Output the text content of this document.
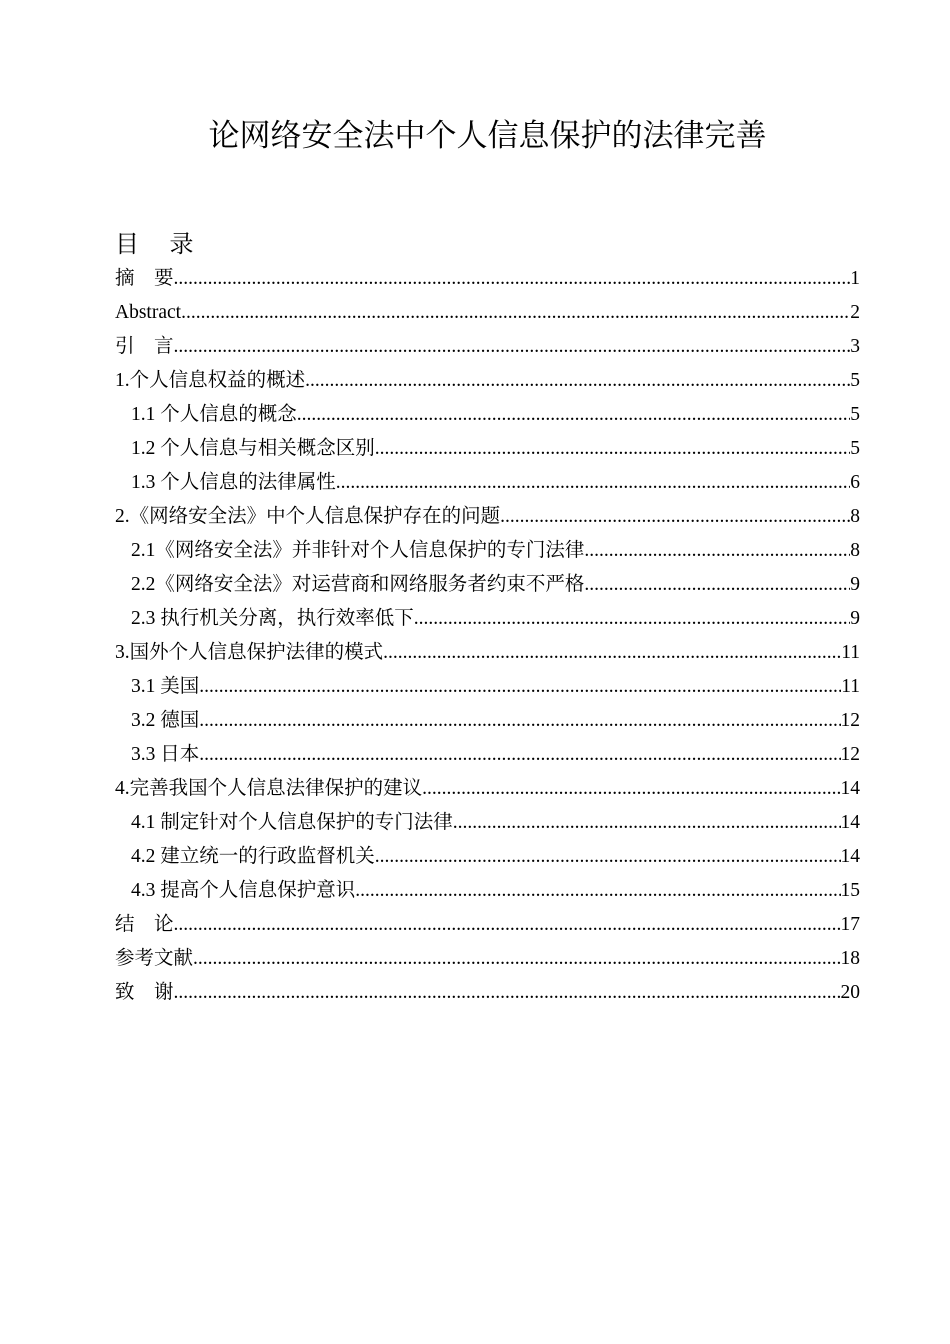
论网络安全法中个人信息保护的法律完善
目    录
摘    要 .....	1
Abstract .....	2
引    言 .....	3
1.个人信息权益的概述 .....	5
1.1 个人信息的概念 .....	5
1.2 个人信息与相关概念区别 .....	5
1.3 个人信息的法律属性 .....	6
2.《网络安全法》中个人信息保护存在的问题 .....	8
2.1《网络安全法》并非针对个人信息保护的专门法律 .....	8
2.2《网络安全法》对运营商和网络服务者约束不严格 .....	9
2.3 执行机关分离，执行效率低下 .....	9
3.国外个人信息保护法律的模式 .....	11
3.1 美国 .....	11
3.2 德国 .....	12
3.3 日本 .....	12
4.完善我国个人信息法律保护的建议 .....	14
4.1 制定针对个人信息保护的专门法律 .....	14
4.2 建立统一的行政监督机关 .....	14
4.3 提高个人信息保护意识 .....	15
结    论 .....	17
参考文献 .....	18
致    谢 .....	20
